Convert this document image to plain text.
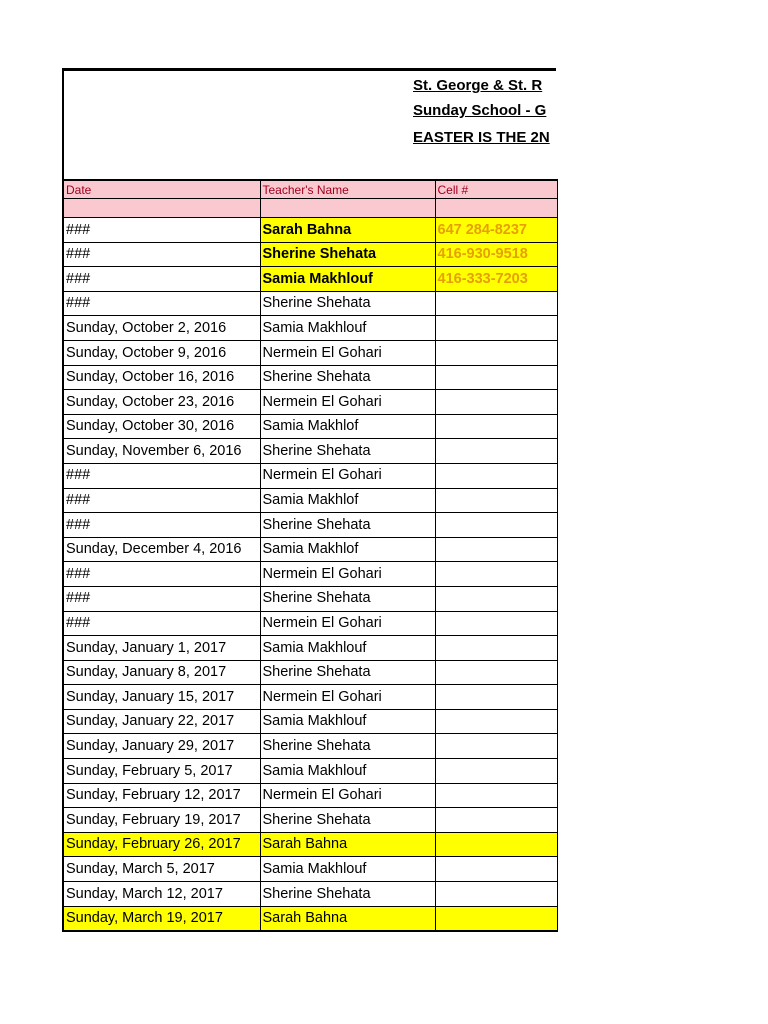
St. George & St. R
Sunday School - G
EASTER IS THE 2N
Date	Teacher's Name	Cell #

###	Sarah Bahna	647 284-8237
###	Sherine Shehata	416-930-9518
###	Samia Makhlouf	416-333-7203
###	Sherine Shehata	
Sunday, October 2, 2016	Samia Makhlouf	
Sunday, October 9, 2016	Nermein El Gohari	
Sunday, October 16, 2016	Sherine Shehata	
Sunday, October 23, 2016	Nermein El Gohari	
Sunday, October 30, 2016	Samia Makhlof	
Sunday, November 6, 2016	Sherine Shehata	
###	Nermein El Gohari	
###	Samia Makhlof	
###	Sherine Shehata	
Sunday, December 4, 2016	Samia Makhlof	
###	Nermein El Gohari	
###	Sherine Shehata	
###	Nermein El Gohari	
Sunday, January 1, 2017	Samia Makhlouf	
Sunday, January 8, 2017	Sherine Shehata	
Sunday, January 15, 2017	Nermein El Gohari	
Sunday, January 22, 2017	Samia Makhlouf	
Sunday, January 29, 2017	Sherine Shehata	
Sunday, February 5, 2017	Samia Makhlouf	
Sunday, February 12, 2017	Nermein El Gohari	
Sunday, February 19, 2017	Sherine Shehata	
Sunday, February 26, 2017	Sarah Bahna	
Sunday, March 5, 2017	Samia Makhlouf	
Sunday, March 12, 2017	Sherine Shehata	
Sunday, March 19, 2017	Sarah Bahna	
